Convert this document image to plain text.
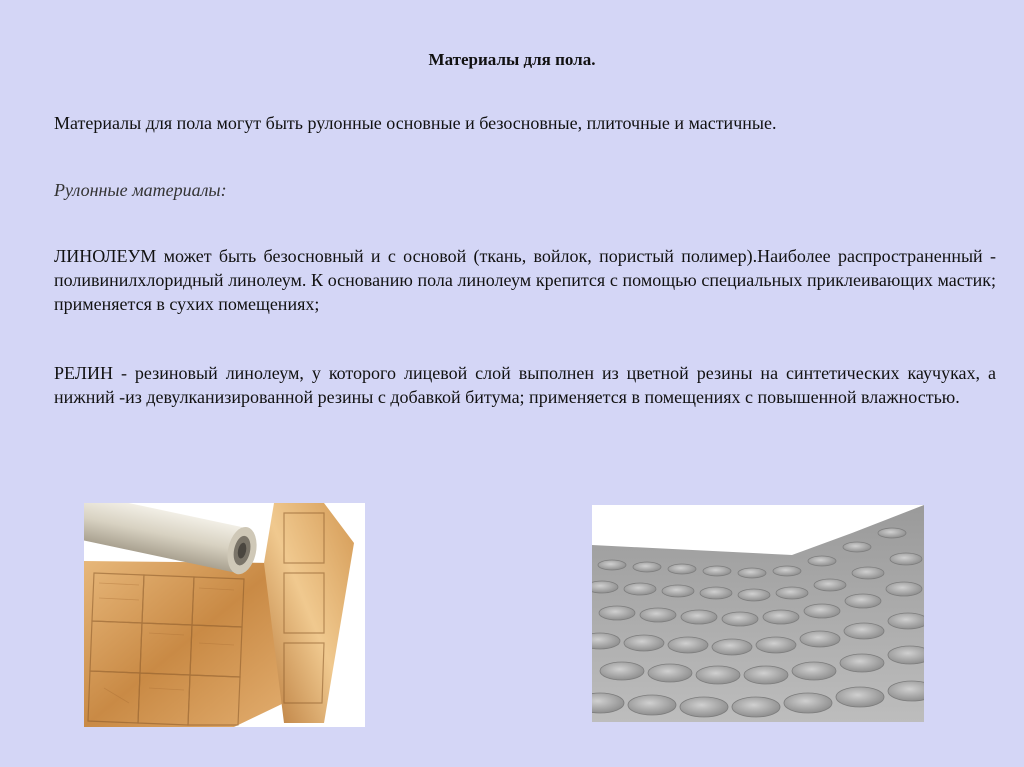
Материалы для пола.
Материалы для пола могут быть рулонные основные и безосновные, плиточные и мастичные.
Рулонные материалы:
ЛИНОЛЕУМ может быть безосновный и с основой (ткань, войлок, пористый полимер).Наиболее распространенный - поливинилхлоридный линолеум. К основанию пола линолеум крепится с помощью специальных приклеивающих мастик; применяется в сухих помещениях;
РЕЛИН - резиновый линолеум, у которого лицевой слой выполнен из цветной резины на синтетических каучуках, а нижний -из девулканизированной резины с добавкой битума; применяется в помещениях с повышенной влажностью.
